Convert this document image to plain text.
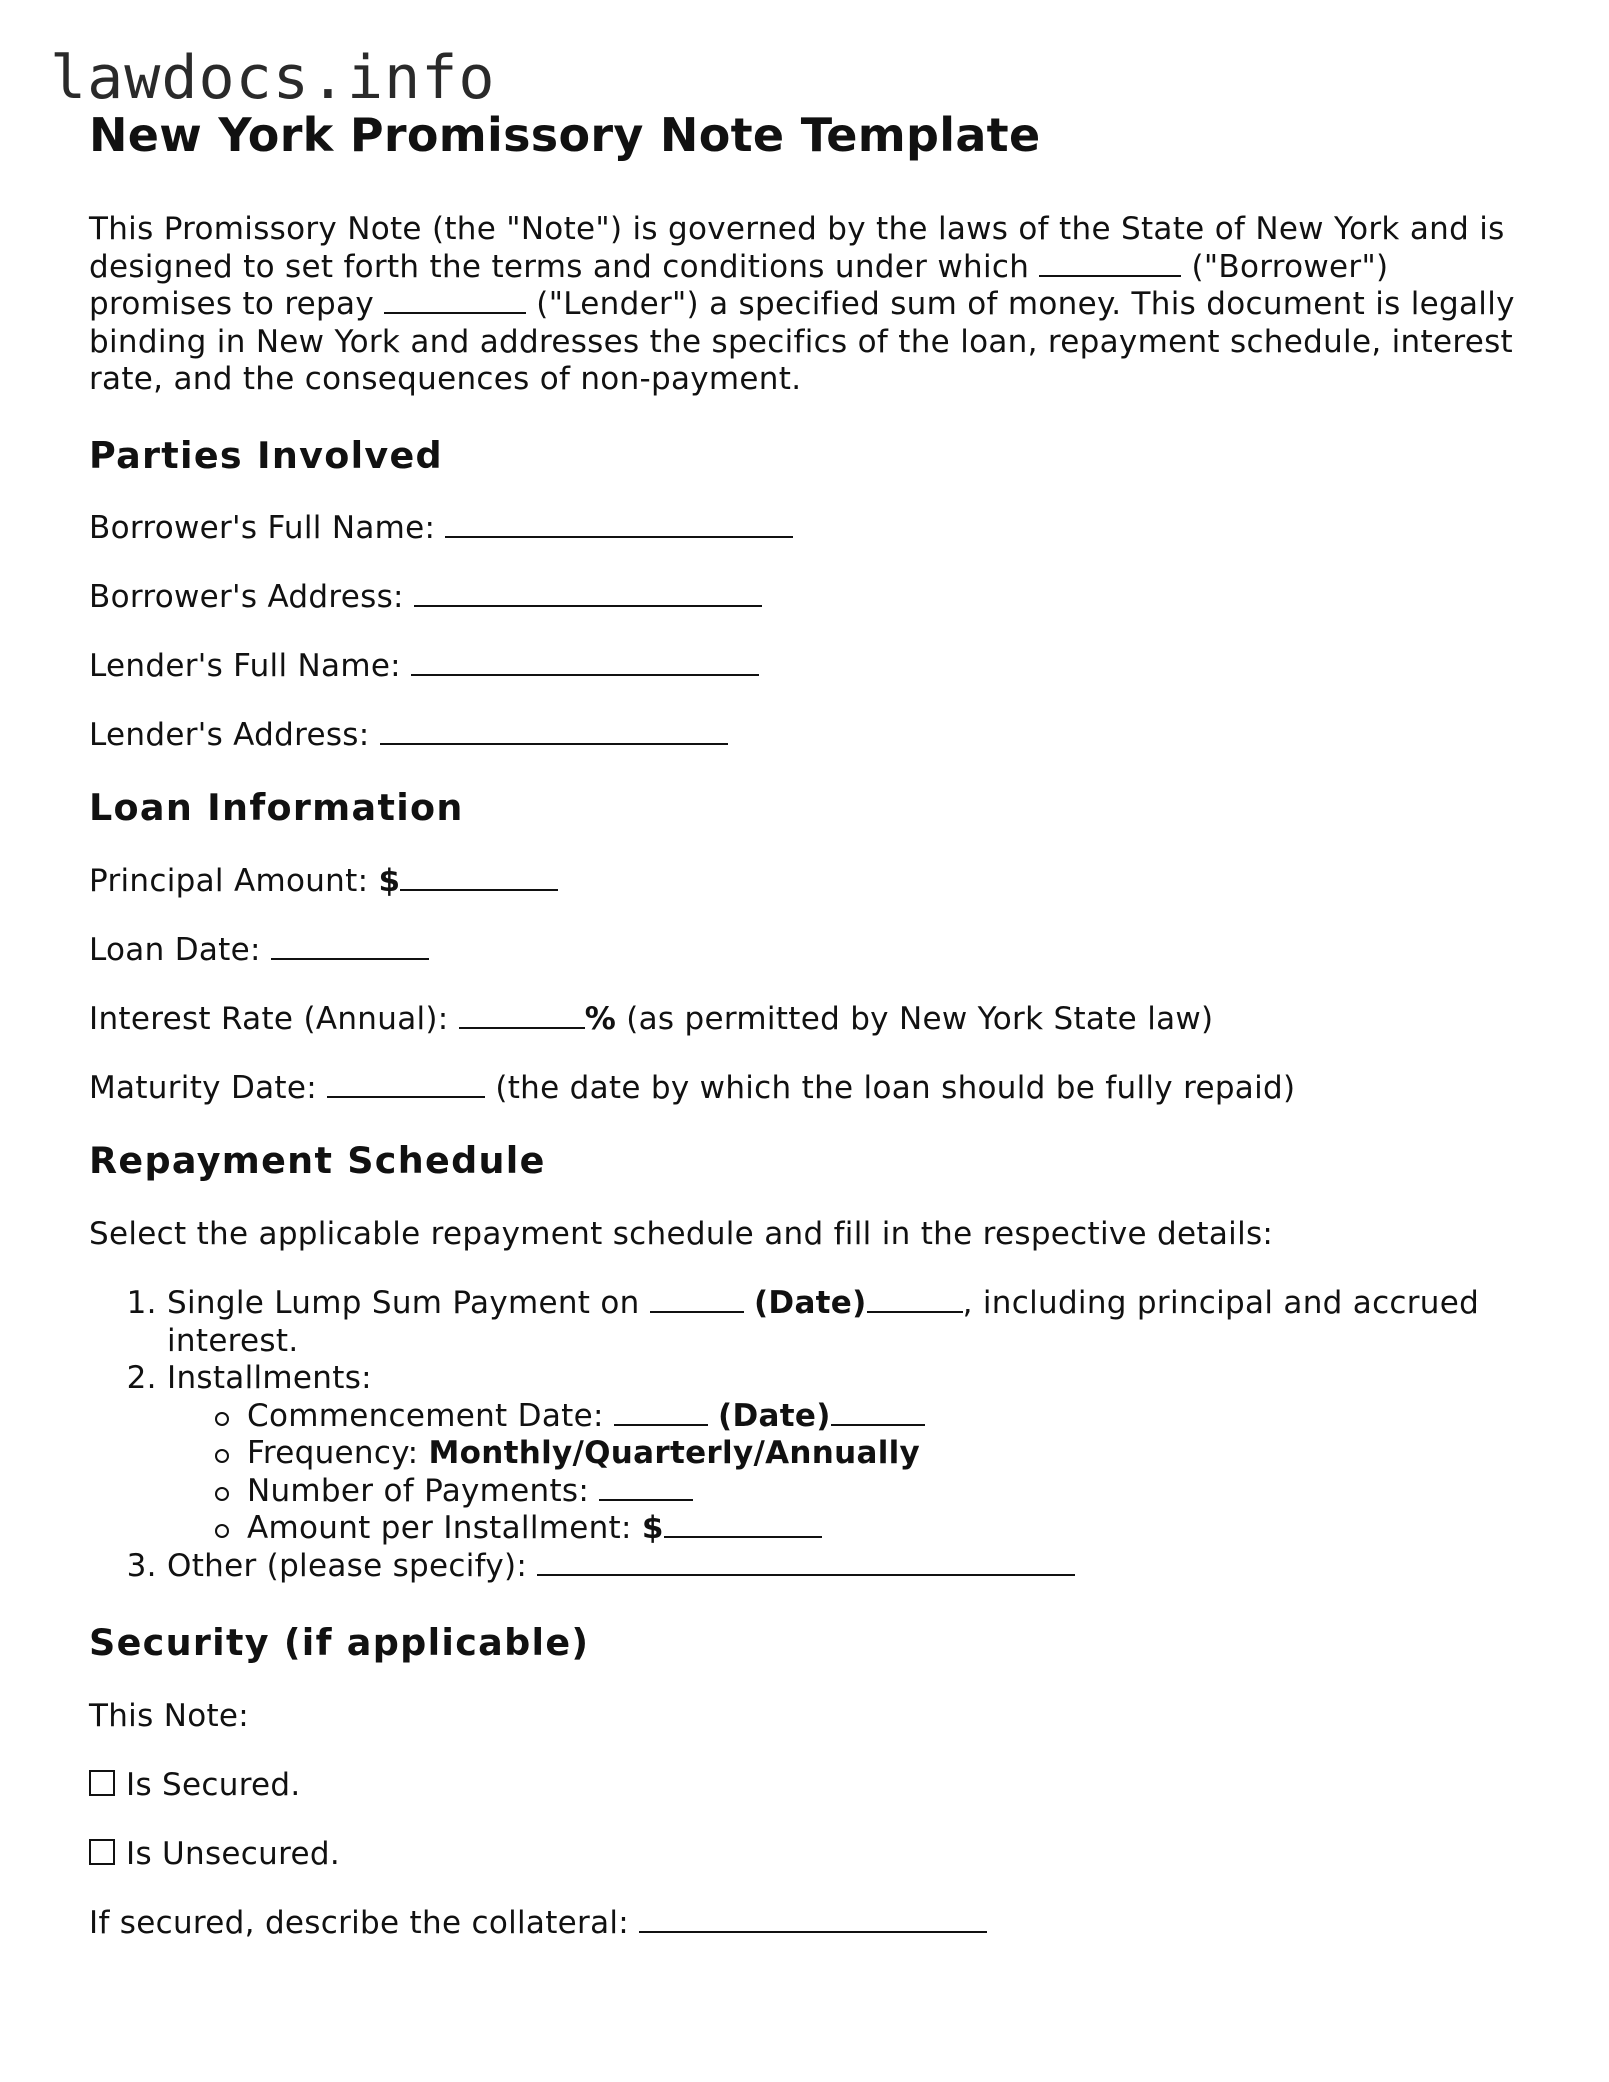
lawdocs.info
New York Promissory Note Template

This Promissory Note (the "Note") is governed by the laws of the State of New York and is designed to set forth the terms and conditions under which	("Borrower") promises to repay	("Lender") a specified sum of money. This document is legally binding in New York and addresses the specifics of the loan, repayment schedule, interest rate, and the consequences of non-payment.

Parties Involved

Borrower's Full Name:

Borrower's Address:

Lender's Full Name:

Lender's Address:

Loan Information

Principal Amount: $

Loan Date:

Interest Rate (Annual):	% (as permitted by New York State law)

Maturity Date:	(the date by which the loan should be fully repaid)

Repayment Schedule

Select the applicable repayment schedule and fill in the respective details:

1. Single Lump Sum Payment on	(Date)	, including principal and accrued interest.
2. Installments:
Commencement Date:	(Date)
Frequency: Monthly/Quarterly/Annually
Number of Payments:
Amount per Installment: $
3. Other (please specify):
Security (if applicable)

This Note:

Is Secured.

Is Unsecured.

If secured, describe the collateral:
